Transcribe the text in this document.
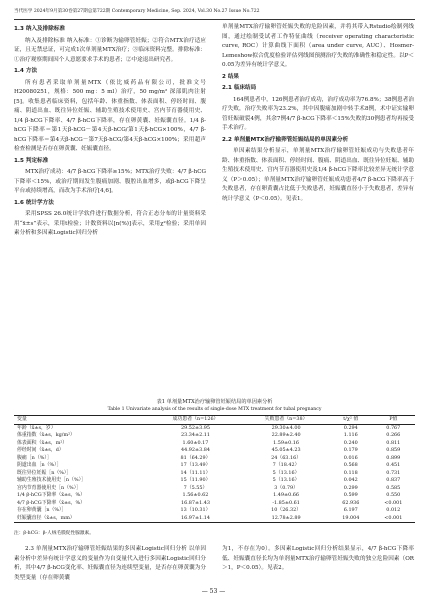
当代医学 2024年9月第30卷第27期总第722期 Contemporary Medicine, Sep. 2024, Vol.30 No.27 Issue No.722

1.3 纳入及排除标准

纳入及排除标准 纳入标准：①诊断为输卵管妊娠；②符合MTX治疗适应证，且无禁忌证，可完成1次单剂量MTX治疗；③临床资料完整。排除标准：①治疗观察期间因个人意愿要求手术的患者；②中途退出研究者。

1.4 方法

所有患者采取单剂量MTX（依比威药品有限公司，批准文号H20080251，规格：500 mg：5 ml）治疗，50 mg/m² 深部肌肉注射[5]。收集患者临床资料，包括年龄、体重指数、体表面积、停经时间、腹痛、阴道出血、既往异位妊娠、辅助生殖技术使用史、宫内节育器使用史、1/4 β-hCG下降率、4/7 β-hCG下降率，存在卵黄囊、妊娠囊直径。1/4 β-hCG下降率＝第1天β-hCG－第4天β-hCG/第1天β-hCG×100%，4/7 β-hCG下降率＝第4天β-hCG－第7天β-hCG/第4天β-hCG×100%；采用超声检查检测是否存在卵黄囊、妊娠囊直径。

1.5 判定标准

MTX治疗成功：4/7 β-hCG下降率≥15%；MTX治疗失败：4/7 β-hCG下降率＜15%，或治疗期间发生腹痛加剧、腹腔出血增多，或β-hCG下降呈平台或持续增高，而改为手术治疗[4,6]。

1.6 统计学方法

采用SPSS 26.0统计学软件进行数据分析，符合正态分布的计量资料采用“x̄±s”表示，采用t检验；计数资料以[n(%)]表示，采用χ²检验；采用单因素分析和多因素Logistic回归分析

单剂量MTX治疗输卵管妊娠失败的危险因素，并将其带入Rstudio绘制列线图，通过绘制受试者工作特征曲线（receiver operating characteristic curve, ROC）计算曲线下面积（area under curve, AUC）、Hosmer-Lemeshow拟合优度检验评估列线图预测治疗失败的准确性和稳定性。以P＜0.05为差异有统计学意义。

2 结果

2.1 临床结局

164例患者中，126例患者治疗成功，治疗成功率为76.8%；38例患者治疗失败，治疗失败率为23.2%，其中因腹痛加剧中转手术8例，术中证实输卵管妊娠破裂4例，其余7例4/7 β-hCG下降率＜15%失败的30例患者均再接受手术治疗。

2.2 单剂量MTX治疗输卵管妊娠结局的单因素分析

单因素结果分析显示，单剂量MTX治疗输卵管妊娠成功与失败患者年龄、体重指数、体表面积、停经时间、腹痛、阴道出血、既往异位妊娠、辅助生殖技术使用史、宫内节育器使用史及1/4 β-hCG下降率比较差异无统计学意义（P＞0.05）；单剂量MTX治疗输卵管妊娠成功患者4/7 β-hCG下降率高于失败患者，存在卵黄囊占比低于失败患者，妊娠囊直径小于失败患者，差异有统计学意义（P＜0.05）。见表1。

表1 单剂量MTX治疗输卵管妊娠结局的单因素分析
Table 1 Univariate analysis of the results of single-dose MTX treatment for tubal pregnancy
变量	成功患者（n=126）	失败患者（n=38）	t/χ² 值	P值
年龄（x̄±s，岁）	29.52±3.95	29.30±4.00	0.294	0.767
体重指数（x̄±s，kg/m²）	23.34±2.11	22.89±2.40	1.116	0.266
体表面积（x̄±s，m²）	1.60±0.17	1.59±0.16	0.240	0.811
停经时间（x̄±s，d）	44.92±3.84	45.05±4.23	0.179	0.859
腹痛［n（%）］	81（64.29）	24（63.16）	0.016	0.899
阴道出血［n（%）］	17（13.49）	7（18.42）	0.568	0.451
既往异位妊娠［n（%）］	14（11.11）	5（13.16）	0.118	0.731
辅助生殖技术使用史［n（%）］	15（11.90）	5（13.16）	0.042	0.837
宫内节育器使用史［n（%）］	7（5.55）	3（0.79）	0.299	0.585
1/4 β-hCG下降率（x̄±s，%）	1.56±0.62	1.49±0.66	0.599	0.550
4/7 β-hCG下降率（x̄±s，%）	16.87±1.43	-1.85±0.61	62.936	<0.001
存在卵黄囊［n（%）］	13（10.31）	10（26.32）	6.197	0.012
妊娠囊直径（x̄±s，mm）	16.97±1.14	12.78±2.89	19.004	<0.001
注：β-hCG：β-人绒毛膜促性腺激素。

2.3 单剂量MTX治疗输卵管妊娠结果的多因素Logistic回归分析 以单因素分析中差异有统计学意义的变量作为自变量代入进行多因素Logistic回归分析，其中4/7 β-hCG变化率、妊娠囊直径为连续型变量，是否存在卵黄囊为分类型变量（存在卵黄囊

为1，不存在为0）。多因素Logistic回归分析结果显示，4/7 β-hCG下降率低、妊娠囊直径长均为单剂量MTX治疗输卵管妊娠失败的独立危险因素（OR＞1，P＜0.05）。见表2。

— 53 —
